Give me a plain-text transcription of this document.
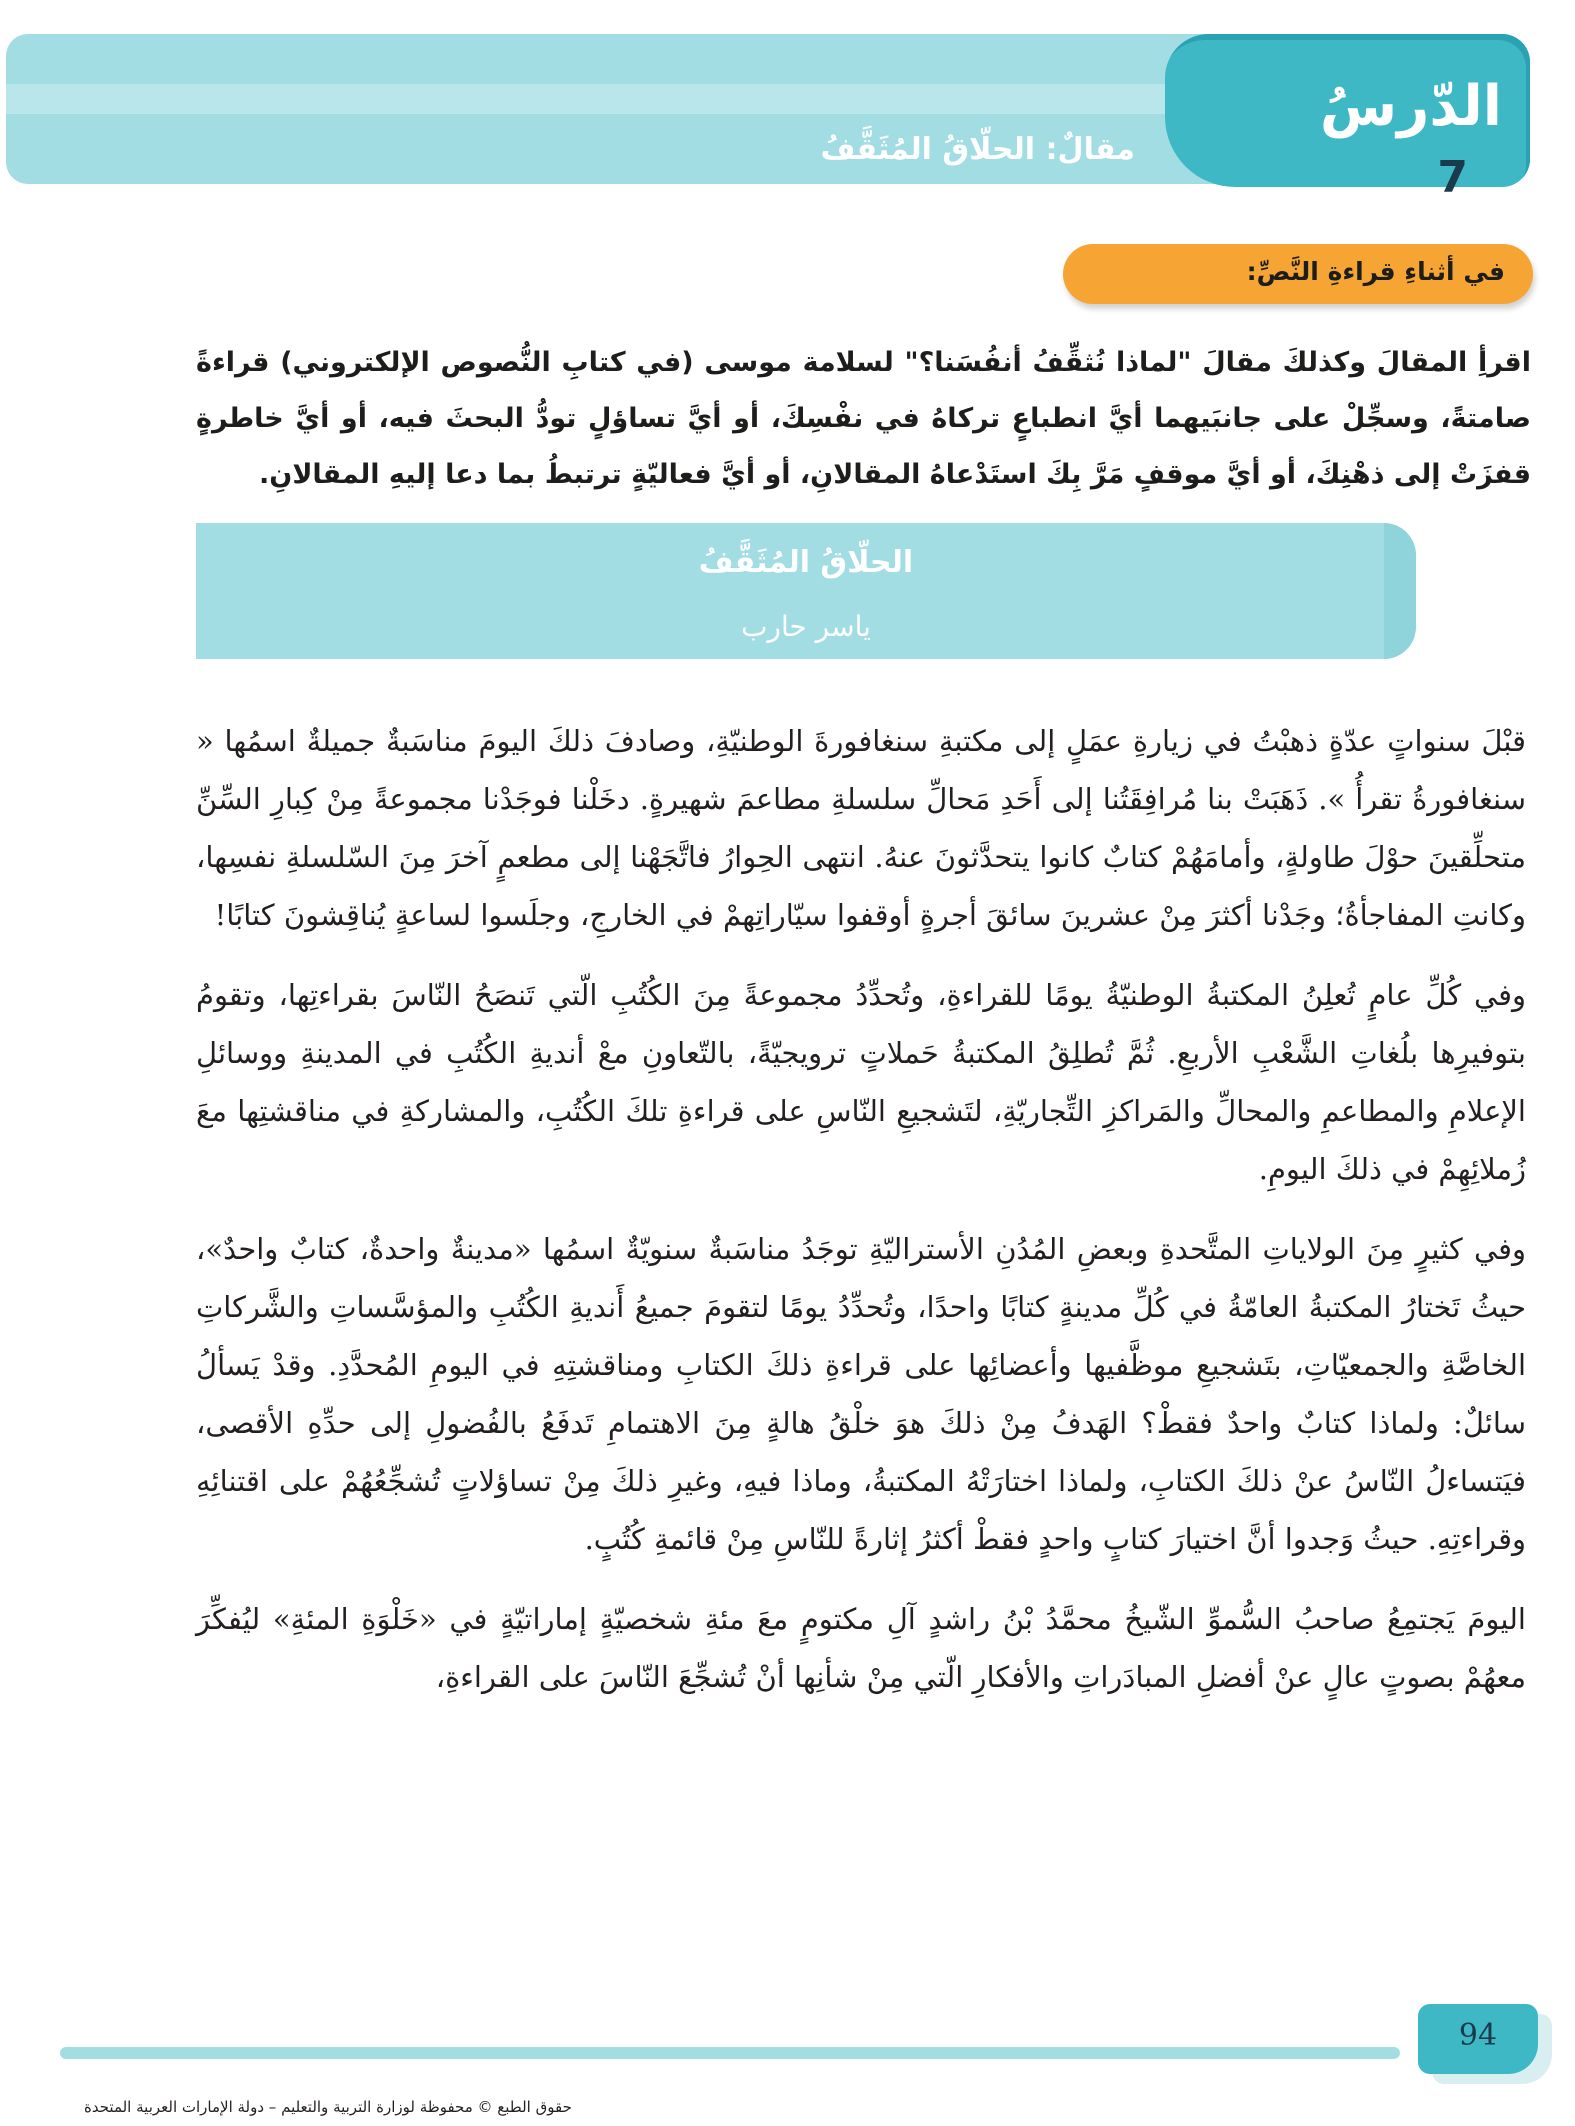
مقالٌ: الحلّاقُ المُثَقَّفُ
الدّرسُ
7
في أثناءِ قراءةِ النَّصِّ:
اقرأِ المقالَ وكذلكَ مقالَ "لماذا نُثقِّفُ أنفُسَنا؟" لسلامة موسى (في كتابِ النُّصوص الإلكتروني) قراءةً صامتةً، وسجِّلْ على جانبَيهما أيَّ انطباعٍ تركاهُ في نفْسِكَ، أو أيَّ تساؤلٍ تودُّ البحثَ فيه، أو أيَّ خاطرةٍ قفزَتْ إلى ذهْنِكَ، أو أيَّ موقفٍ مَرَّ بِكَ استَدْعاهُ المقالانِ، أو أيَّ فعاليّةٍ ترتبطُ بما دعا إليهِ المقالانِ.
الحلّاقُ المُثَقَّفُ
ياسر حارب

قبْلَ سنواتٍ عدّةٍ ذهبْتُ في زيارةِ عمَلٍ إلى مكتبةِ سنغافورةَ الوطنيّةِ، وصادفَ ذلكَ اليومَ مناسَبةٌ جميلةٌ اسمُها « سنغافورةُ تقرأُ ». ذَهَبَتْ بنا مُرافِقَتُنا إلى أَحَدِ مَحالِّ سلسلةِ مطاعمَ شهيرةٍ. دخَلْنا فوجَدْنا مجموعةً مِنْ كِبارِ السِّنِّ متحلِّقينَ حوْلَ طاولةٍ، وأمامَهُمْ كتابٌ كانوا يتحدَّثونَ عنهُ. انتهى الحِوارُ فاتَّجَهْنا إلى مطعمٍ آخرَ مِنَ السّلسلةِ نفسِها، وكانتِ المفاجأةُ؛ وجَدْنا أكثرَ مِنْ عشرينَ سائقَ أجرةٍ أوقفوا سيّاراتِهمْ في الخارجِ، وجلَسوا لساعةٍ يُناقِشونَ كتابًا!

وفي كُلِّ عامٍ تُعلِنُ المكتبةُ الوطنيّةُ يومًا للقراءةِ، وتُحدِّدُ مجموعةً مِنَ الكُتُبِ الّتي تَنصَحُ النّاسَ بقراءتِها، وتقومُ بتوفيرِها بلُغاتِ الشَّعْبِ الأربعِ. ثُمَّ تُطلِقُ المكتبةُ حَملاتٍ ترويجيّةً، بالتّعاونِ معْ أنديةِ الكُتُبِ في المدينةِ ووسائلِ الإعلامِ والمطاعمِ والمحالِّ والمَراكزِ التِّجاريّةِ، لتَشجيعِ النّاسِ على قراءةِ تلكَ الكُتُبِ، والمشاركةِ في مناقشتِها معَ زُملائِهِمْ في ذلكَ اليومِ.

وفي كثيرٍ مِنَ الولاياتِ المتَّحدةِ وبعضِ المُدُنِ الأستراليّةِ توجَدُ مناسَبةٌ سنويّةٌ اسمُها «مدينةٌ واحدةٌ، كتابٌ واحدٌ»، حيثُ تَختارُ المكتبةُ العامّةُ في كُلِّ مدينةٍ كتابًا واحدًا، وتُحدِّدُ يومًا لتقومَ جميعُ أَنديةِ الكُتُبِ والمؤسَّساتِ والشَّركاتِ الخاصَّةِ والجمعيّاتِ، بتَشجيعِ موظَّفيها وأعضائِها على قراءةِ ذلكَ الكتابِ ومناقشتِهِ في اليومِ المُحدَّدِ. وقدْ يَسألُ سائلٌ: ولماذا كتابٌ واحدٌ فقطْ؟ الهَدفُ مِنْ ذلكَ هوَ خلْقُ هالةٍ مِنَ الاهتمامِ تَدفَعُ بالفُضولِ إلى حدِّهِ الأقصى، فيَتساءلُ النّاسُ عنْ ذلكَ الكتابِ، ولماذا اختارَتْهُ المكتبةُ، وماذا فيهِ، وغيرِ ذلكَ مِنْ تساؤلاتٍ تُشجِّعُهُمْ على اقتنائِهِ وقراءتِهِ. حيثُ وَجدوا أنَّ اختيارَ كتابٍ واحدٍ فقطْ أكثرُ إثارةً للنّاسِ مِنْ قائمةِ كُتُبٍ.

اليومَ يَجتمِعُ صاحبُ السُّموِّ الشّيخُ محمَّدُ بْنُ راشدٍ آلِ مكتومٍ معَ مئةِ شخصيّةٍ إماراتيّةٍ في «خَلْوَةِ المئةِ» ليُفكِّرَ معهُمْ بصوتٍ عالٍ عنْ أفضلِ المبادَراتِ والأفكارِ الّتي مِنْ شأنِها أنْ تُشجِّعَ النّاسَ على القراءةِ،

94
حقوق الطبع © محفوظة لوزارة التربية والتعليم – دولة الإمارات العربية المتحدة
